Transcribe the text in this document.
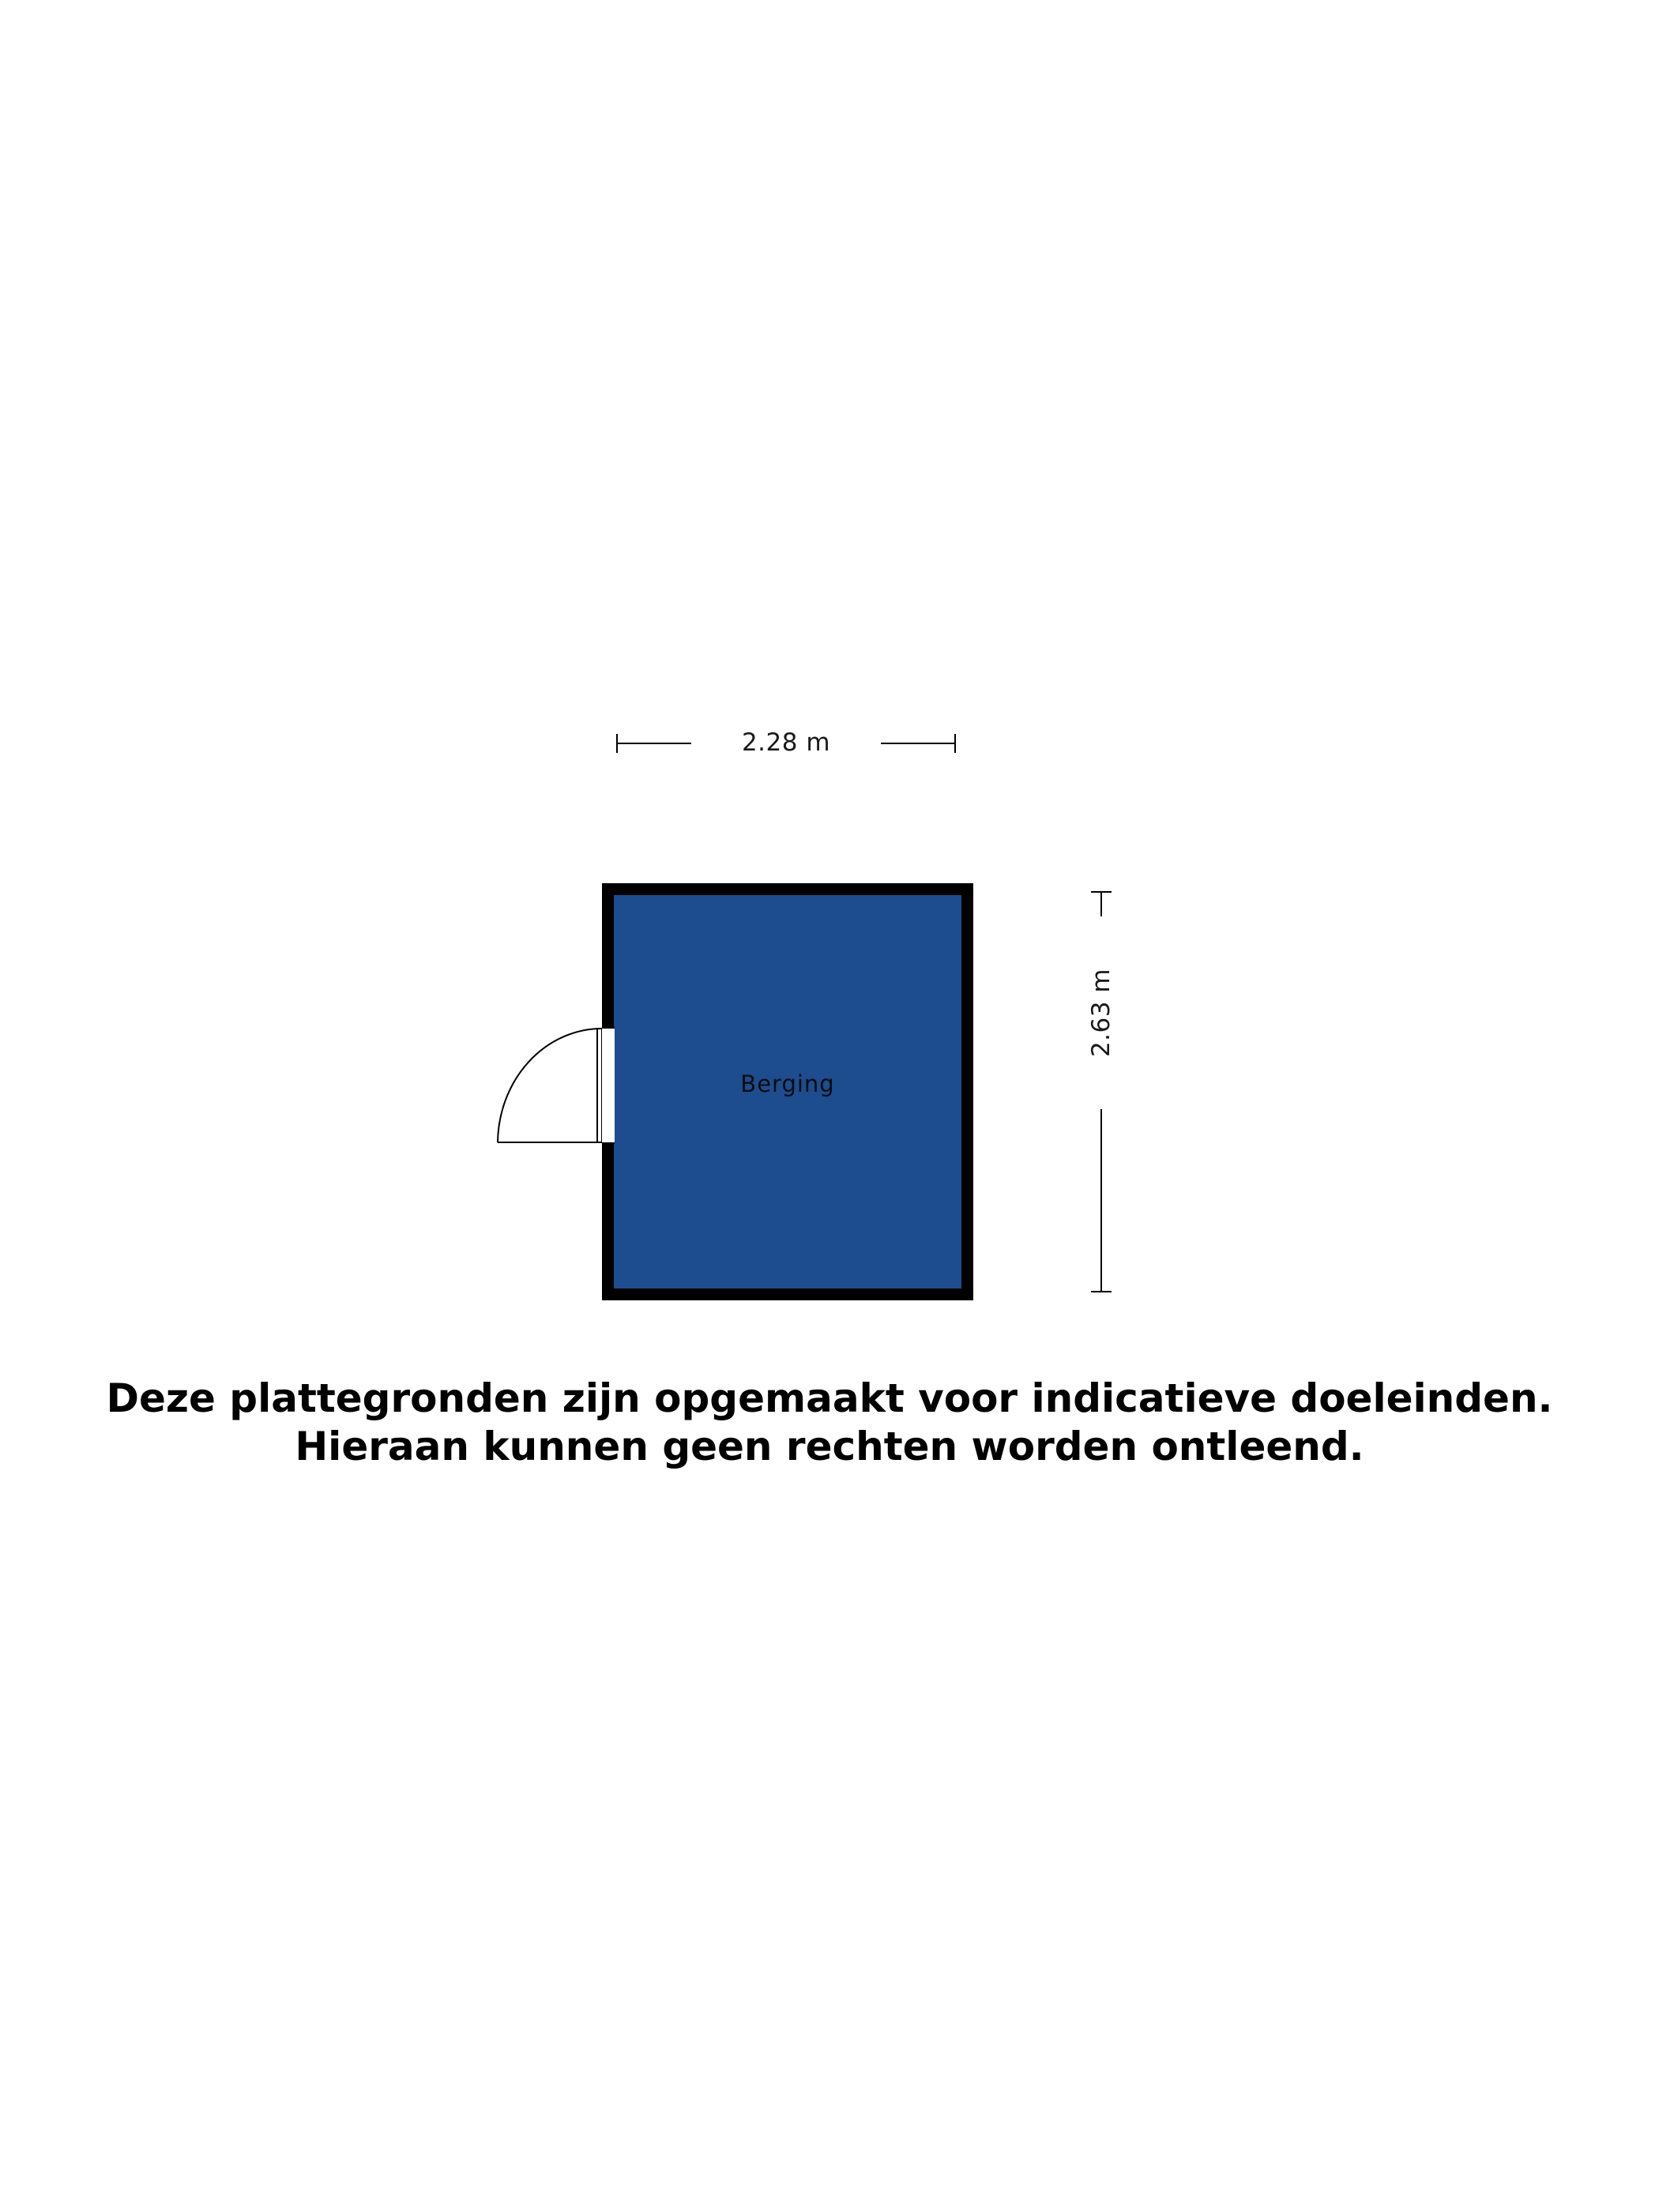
2.28 m
Berging
2.63 m
Deze plattegronden zijn opgemaakt voor indicatieve doeleinden.
Hieraan kunnen geen rechten worden ontleend.
